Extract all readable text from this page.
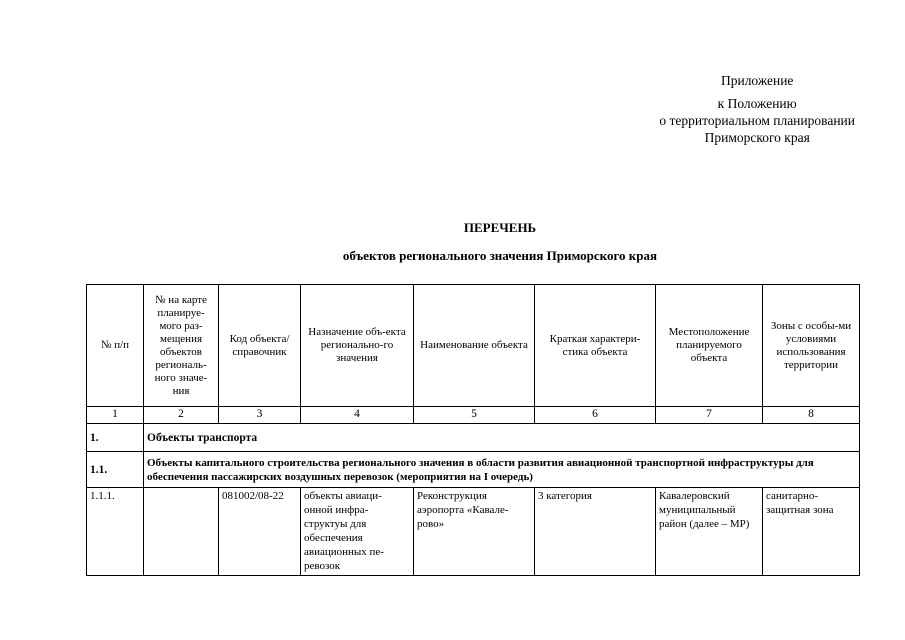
Приложение
к Положению
о территориальном планировании
Приморского края
ПЕРЕЧЕНЬ
объектов регионального значения Приморского края
№ п/п	№ на карте планируе-мого раз-мещения объектов региональ-ного значе-ния	Код объекта/ справочник	Назначение объ-екта регионально-го значения	Наименование объекта	Краткая характери-стика объекта	Местоположение планируемого объекта	Зоны с особы-ми условиями использования территории
1	2	3	4	5	6	7	8
1.	Объекты транспорта						
1.1.	Объекты капитального строительства регионального значения в области развития авиационной транспортной инфраструктуры для обеспечения пассажирских воздушных перевозок (мероприятия на I очередь)						
1.1.1.		081002/08-22	объекты авиаци-онной инфра-структуы для обеспечения авиационных пе-ревозок	Реконструкция аэропорта «Кавале-рово»	3 категория	Кавалеровский муниципальный район (далее – МР)	санитарно-защитная зона
